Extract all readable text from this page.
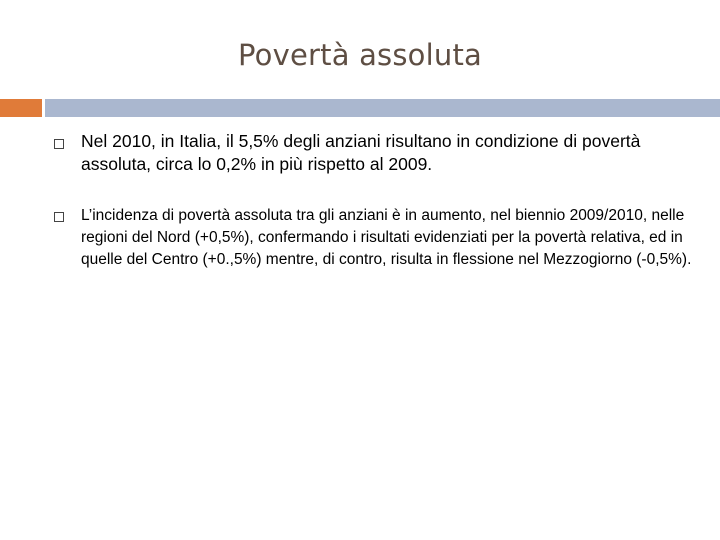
Povertà assoluta
Nel 2010, in Italia, il 5,5% degli anziani risultano in condizione di povertà assoluta, circa lo 0,2% in più rispetto al 2009.
L’incidenza di povertà assoluta tra gli anziani è in aumento, nel biennio 2009/2010, nelle regioni del Nord (+0,5%), confermando i risultati evidenziati per la povertà relativa, ed in quelle del Centro (+0.,5%) mentre, di contro, risulta in flessione nel Mezzogiorno (-0,5%).
